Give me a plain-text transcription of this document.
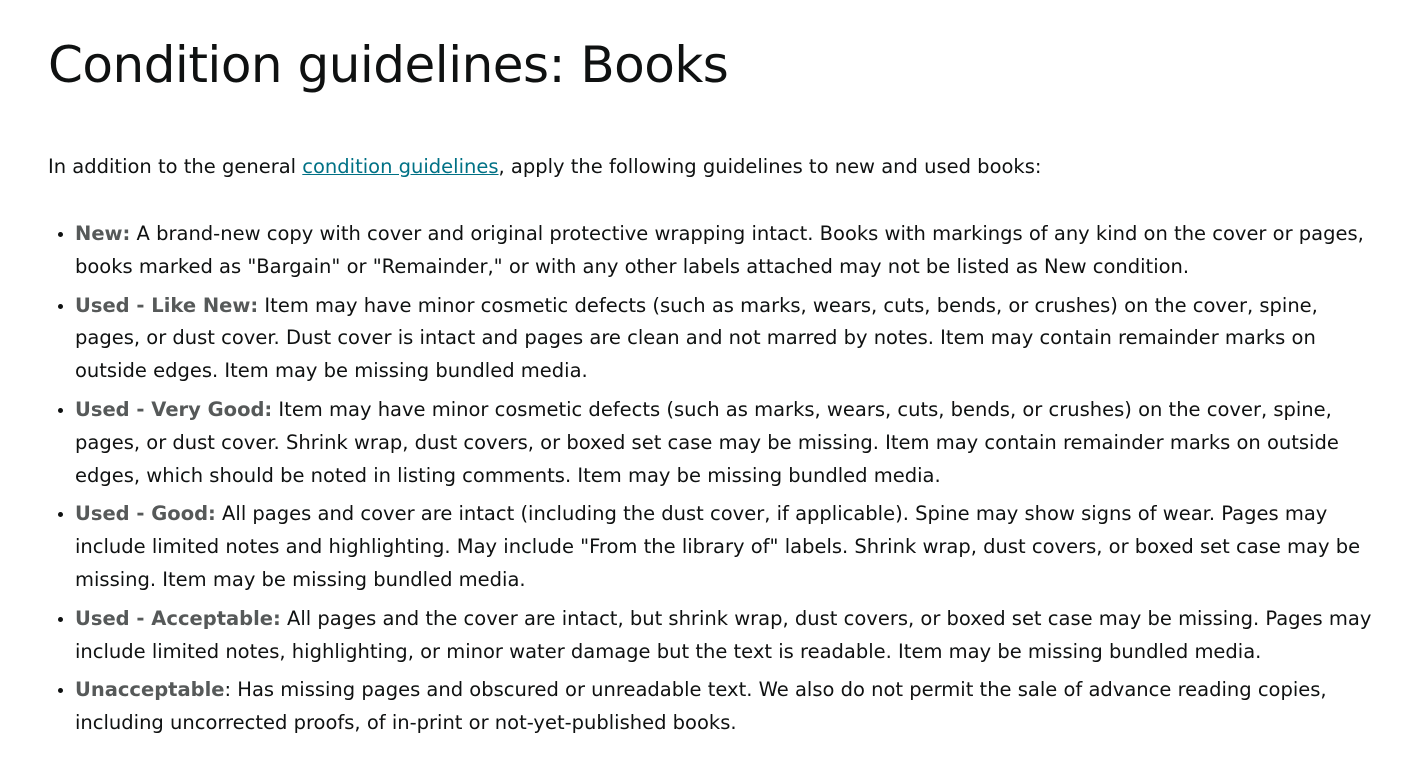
Condition guidelines: Books

In addition to the general condition guidelines, apply the following guidelines to new and used books:

• New: A brand-new copy with cover and original protective wrapping intact. Books with markings of any kind on the cover or pages, books marked as "Bargain" or "Remainder," or with any other labels attached may not be listed as New condition.
• Used - Like New: Item may have minor cosmetic defects (such as marks, wears, cuts, bends, or crushes) on the cover, spine, pages, or dust cover. Dust cover is intact and pages are clean and not marred by notes. Item may contain remainder marks on outside edges. Item may be missing bundled media.
• Used - Very Good: Item may have minor cosmetic defects (such as marks, wears, cuts, bends, or crushes) on the cover, spine, pages, or dust cover. Shrink wrap, dust covers, or boxed set case may be missing. Item may contain remainder marks on outside edges, which should be noted in listing comments. Item may be missing bundled media.
• Used - Good: All pages and cover are intact (including the dust cover, if applicable). Spine may show signs of wear. Pages may include limited notes and highlighting. May include "From the library of" labels. Shrink wrap, dust covers, or boxed set case may be missing. Item may be missing bundled media.
• Used - Acceptable: All pages and the cover are intact, but shrink wrap, dust covers, or boxed set case may be missing. Pages may include limited notes, highlighting, or minor water damage but the text is readable. Item may be missing bundled media.
• Unacceptable: Has missing pages and obscured or unreadable text. We also do not permit the sale of advance reading copies, including uncorrected proofs, of in-print or not-yet-published books.
